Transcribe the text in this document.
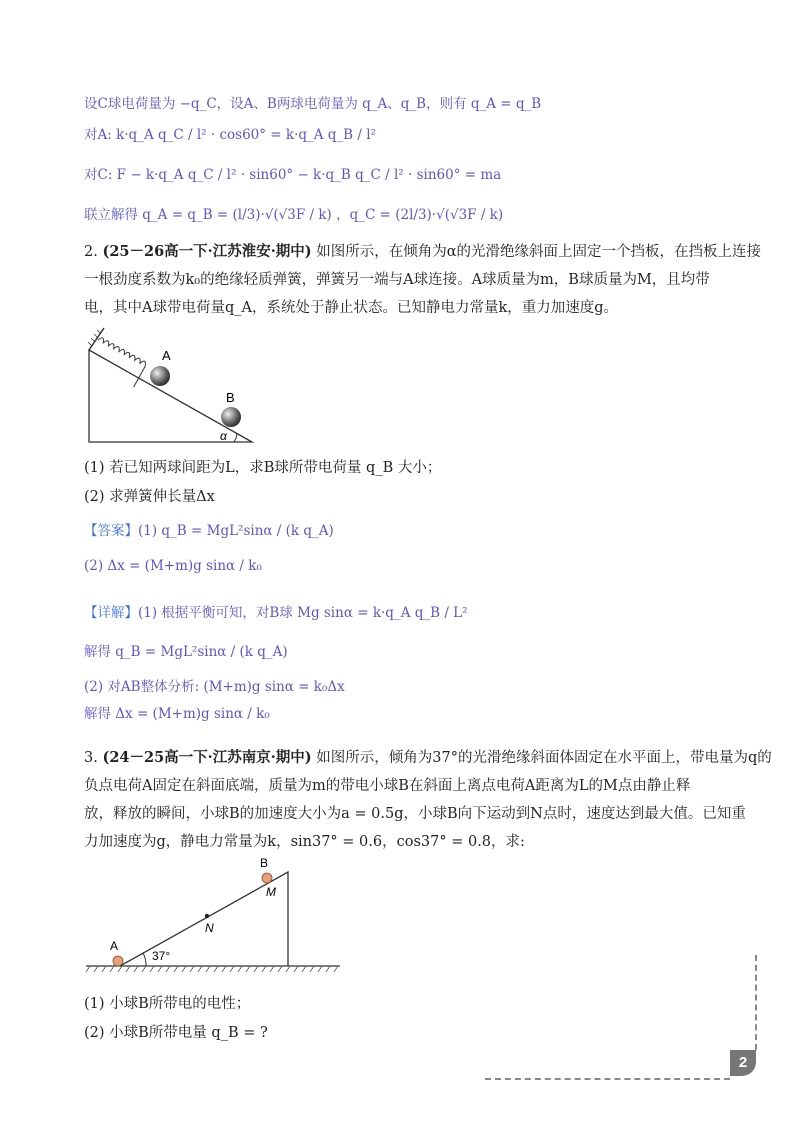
设C球电荷量为 −q_C，设A、B两球电荷量为 q_A、q_B，则有 q_A = q_B
对A: k·q_A q_C / l² · cos60° = k·q_A q_B / l²
对C: F − k·q_A q_C / l² · sin60° − k·q_B q_C / l² · sin60° = ma
联立解得 q_A = q_B = (l/3)·√(√3F / k) ，q_C = (2l/3)·√(√3F / k)
2. (25－26高一下·江苏淮安·期中) 如图所示，在倾角为α的光滑绝缘斜面上固定一个挡板，在挡板上连接
一根劲度系数为k₀的绝缘轻质弹簧，弹簧另一端与A球连接。A球质量为m，B球质量为M，且均带
电，其中A球带电荷量q_A，系统处于静止状态。已知静电力常量k，重力加速度g。
A
B
α
(1) 若已知两球间距为L，求B球所带电荷量 q_B 大小；
(2) 求弹簧伸长量Δx
【答案】(1) q_B = MgL²sinα / (k q_A)
(2) Δx = (M+m)g sinα / k₀
【详解】(1) 根据平衡可知，对B球 Mg sinα = k·q_A q_B / L²
解得 q_B = MgL²sinα / (k q_A)
(2) 对AB整体分析: (M+m)g sinα = k₀Δx
解得 Δx = (M+m)g sinα / k₀
3. (24－25高一下·江苏南京·期中) 如图所示，倾角为37°的光滑绝缘斜面体固定在水平面上，带电量为q的
负点电荷A固定在斜面底端，质量为m的带电小球B在斜面上离点电荷A距离为L的M点由静止释
放，释放的瞬间，小球B的加速度大小为a = 0.5g，小球B向下运动到N点时，速度达到最大值。已知重
力加速度为g，静电力常量为k，sin37° = 0.6，cos37° = 0.8，求:
37°
A
N
B
M
(1) 小球B所带电的电性；
(2) 小球B所带电量 q_B = ?
2
